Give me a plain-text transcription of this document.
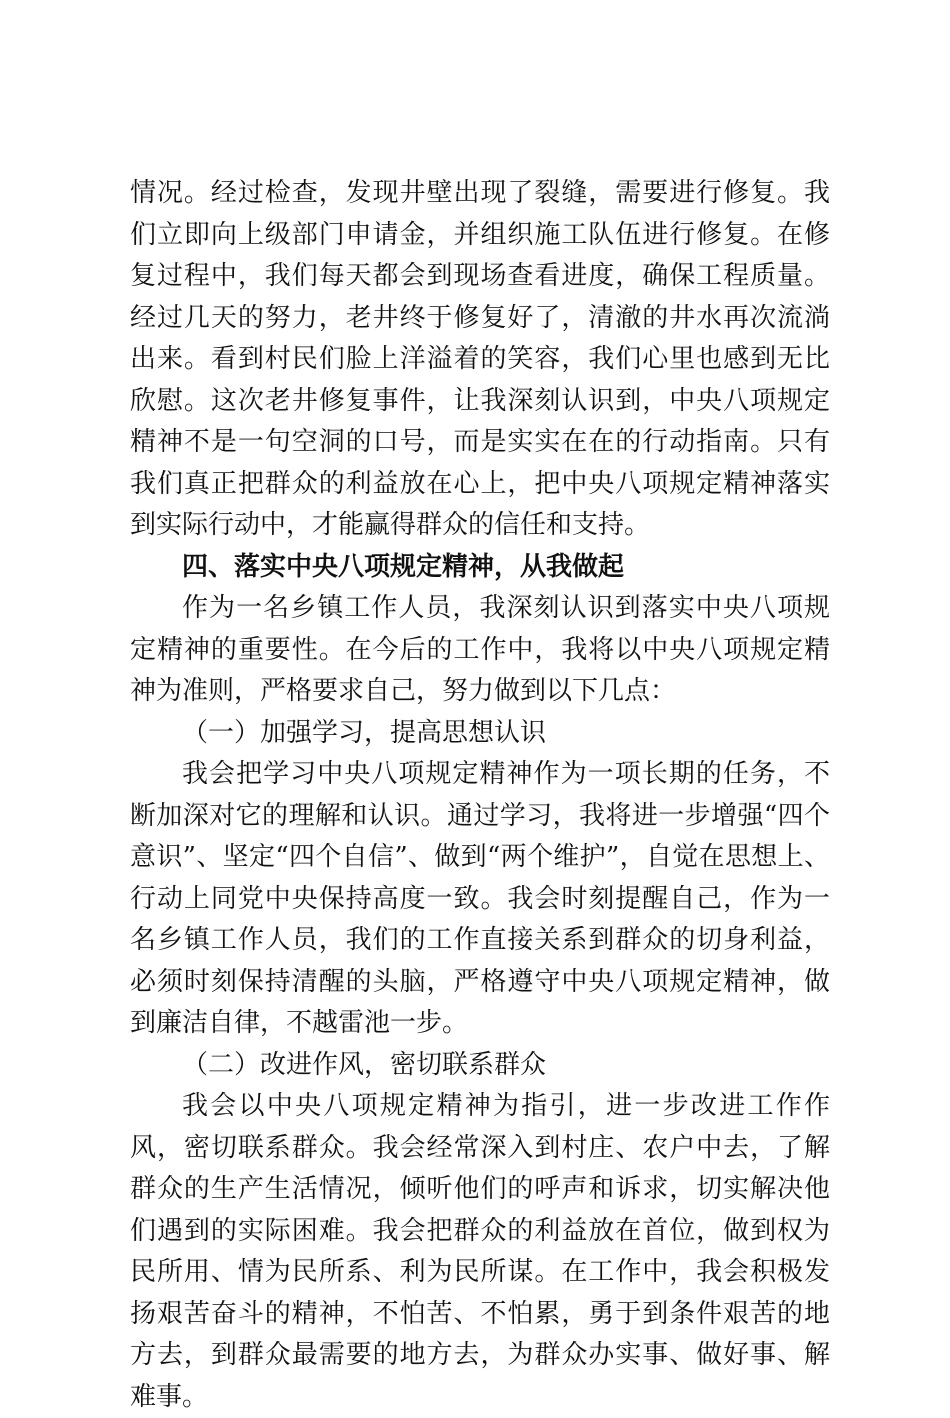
情况。经过检查，发现井壁出现了裂缝，需要进行修复。我们立即向上级部门申请金，并组织施工队伍进行修复。在修复过程中，我们每天都会到现场查看进度，确保工程质量。经过几天的努力，老井终于修复好了，清澈的井水再次流淌出来。看到村民们脸上洋溢着的笑容，我们心里也感到无比欣慰。这次老井修复事件，让我深刻认识到，中央八项规定精神不是一句空洞的口号，而是实实在在的行动指南。只有我们真正把群众的利益放在心上，把中央八项规定精神落实到实际行动中，才能赢得群众的信任和支持。

四、落实中央八项规定精神，从我做起

作为一名乡镇工作人员，我深刻认识到落实中央八项规定精神的重要性。在今后的工作中，我将以中央八项规定精神为准则，严格要求自己，努力做到以下几点：

（一）加强学习，提高思想认识

我会把学习中央八项规定精神作为一项长期的任务，不断加深对它的理解和认识。通过学习，我将进一步增强“四个意识”、坚定“四个自信”、做到“两个维护”，自觉在思想上、行动上同党中央保持高度一致。我会时刻提醒自己，作为一名乡镇工作人员，我们的工作直接关系到群众的切身利益，必须时刻保持清醒的头脑，严格遵守中央八项规定精神，做到廉洁自律，不越雷池一步。

（二）改进作风，密切联系群众

我会以中央八项规定精神为指引，进一步改进工作作风，密切联系群众。我会经常深入到村庄、农户中去，了解群众的生产生活情况，倾听他们的呼声和诉求，切实解决他们遇到的实际困难。我会把群众的利益放在首位，做到权为民所用、情为民所系、利为民所谋。在工作中，我会积极发扬艰苦奋斗的精神，不怕苦、不怕累，勇于到条件艰苦的地方去，到群众最需要的地方去，为群众办实事、做好事、解难事。
